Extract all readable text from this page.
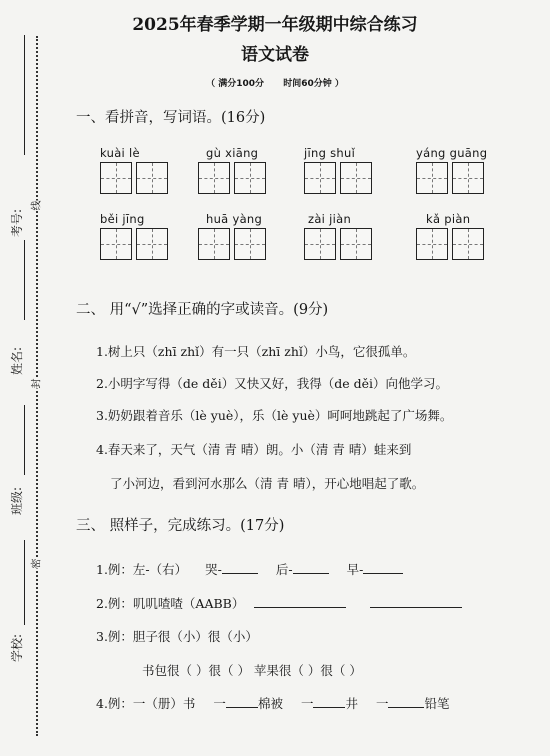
考号:
姓名:
班级:
学校:
线
封
密
2025年春季学期一年级期中综合练习
语文试卷
（ 满分100分 时间60分钟 ）
一、看拼音，写词语。(16分)
kuài lè	gù xiāng	jīng shuǐ	yáng guāng
běi jīng	huā yàng	zài jiàn	kǎ piàn
二、 用“√”选择正确的字或读音。(9分)
1.树上只（zhī zhǐ）有一只（zhī zhǐ）小鸟，它很孤单。
2.小明字写得（de děi）又快又好，我得（de děi）向他学习。
3.奶奶跟着音乐（lè yuè），乐（lè yuè）呵呵地跳起了广场舞。
4.春天来了，天气（清 青 晴）朗。小（清 青 晴）蛙来到
了小河边，看到河水那么（清 青 晴），开心地唱起了歌。
三、 照样子，完成练习。(17分)
1.例：左-（右） 哭-	后-	早-
2.例：叽叽喳喳（AABB）
3.例：胆子很（小）很（小）
书包很（ ）很（ ） 苹果很（ ）很（ ）
4.例：一（册）书 一	棉被 一	井 一	铅笔
